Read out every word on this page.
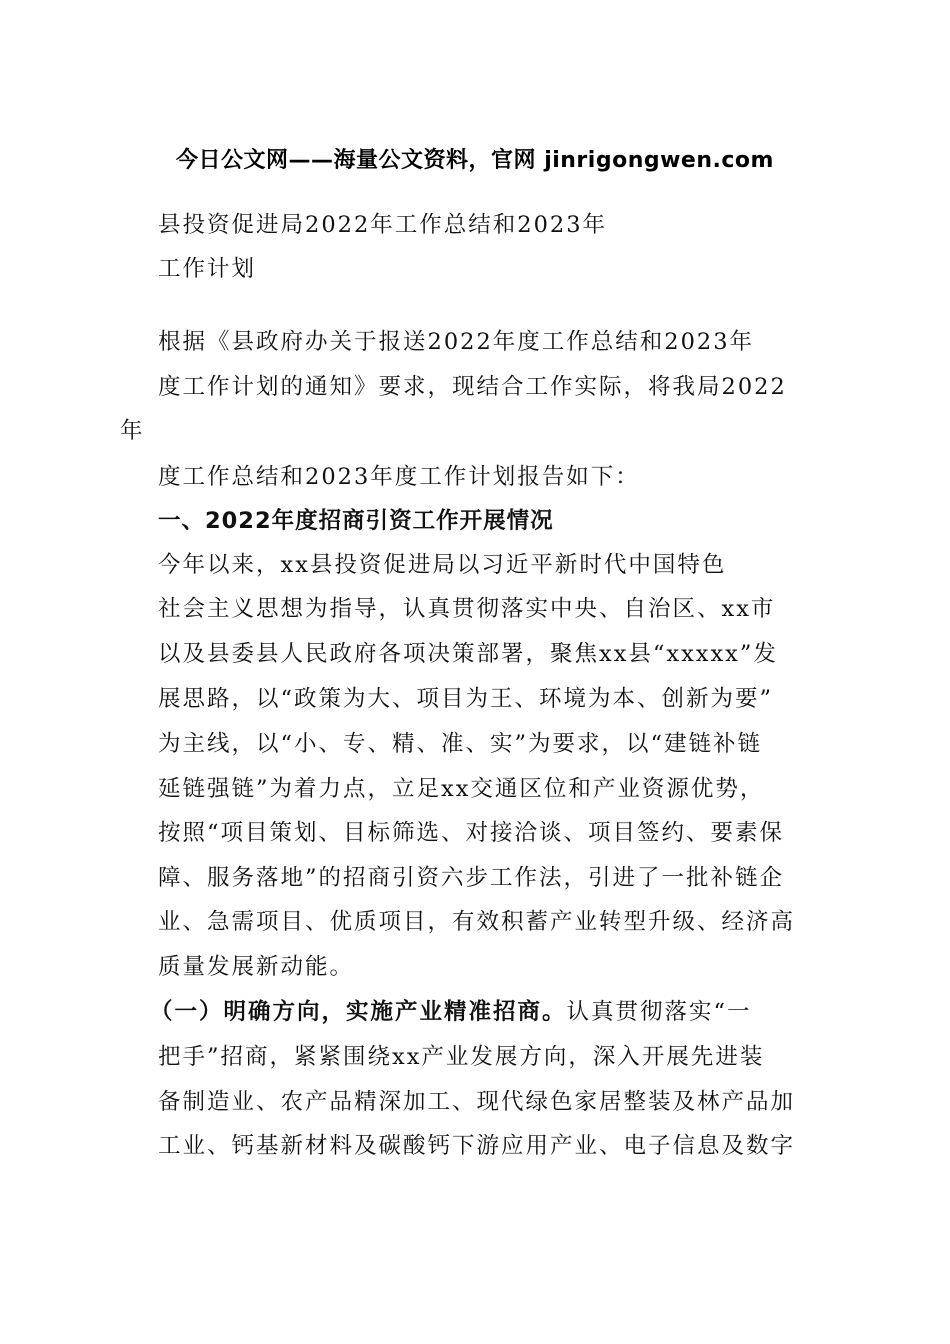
今日公文网——海量公文资料，官网 jinrigongwen.com
县投资促进局2022年工作总结和2023年
工作计划
根据《县政府办关于报送2022年度工作总结和2023年
度工作计划的通知》要求，现结合工作实际，将我局2022
年
度工作总结和2023年度工作计划报告如下：
一、2022年度招商引资工作开展情况
今年以来，xx县投资促进局以习近平新时代中国特色
社会主义思想为指导，认真贯彻落实中央、自治区、xx市
以及县委县人民政府各项决策部署，聚焦xx县“xxxxx”发
展思路，以“政策为大、项目为王、环境为本、创新为要”
为主线，以“小、专、精、准、实”为要求，以“建链补链
延链强链”为着力点，立足xx交通区位和产业资源优势，
按照“项目策划、目标筛选、对接洽谈、项目签约、要素保
障、服务落地”的招商引资六步工作法，引进了一批补链企
业、急需项目、优质项目，有效积蓄产业转型升级、经济高
质量发展新动能。
（一）明确方向，实施产业精准招商。认真贯彻落实“一
把手”招商，紧紧围绕xx产业发展方向，深入开展先进装
备制造业、农产品精深加工、现代绿色家居整装及林产品加
工业、钙基新材料及碳酸钙下游应用产业、电子信息及数字
